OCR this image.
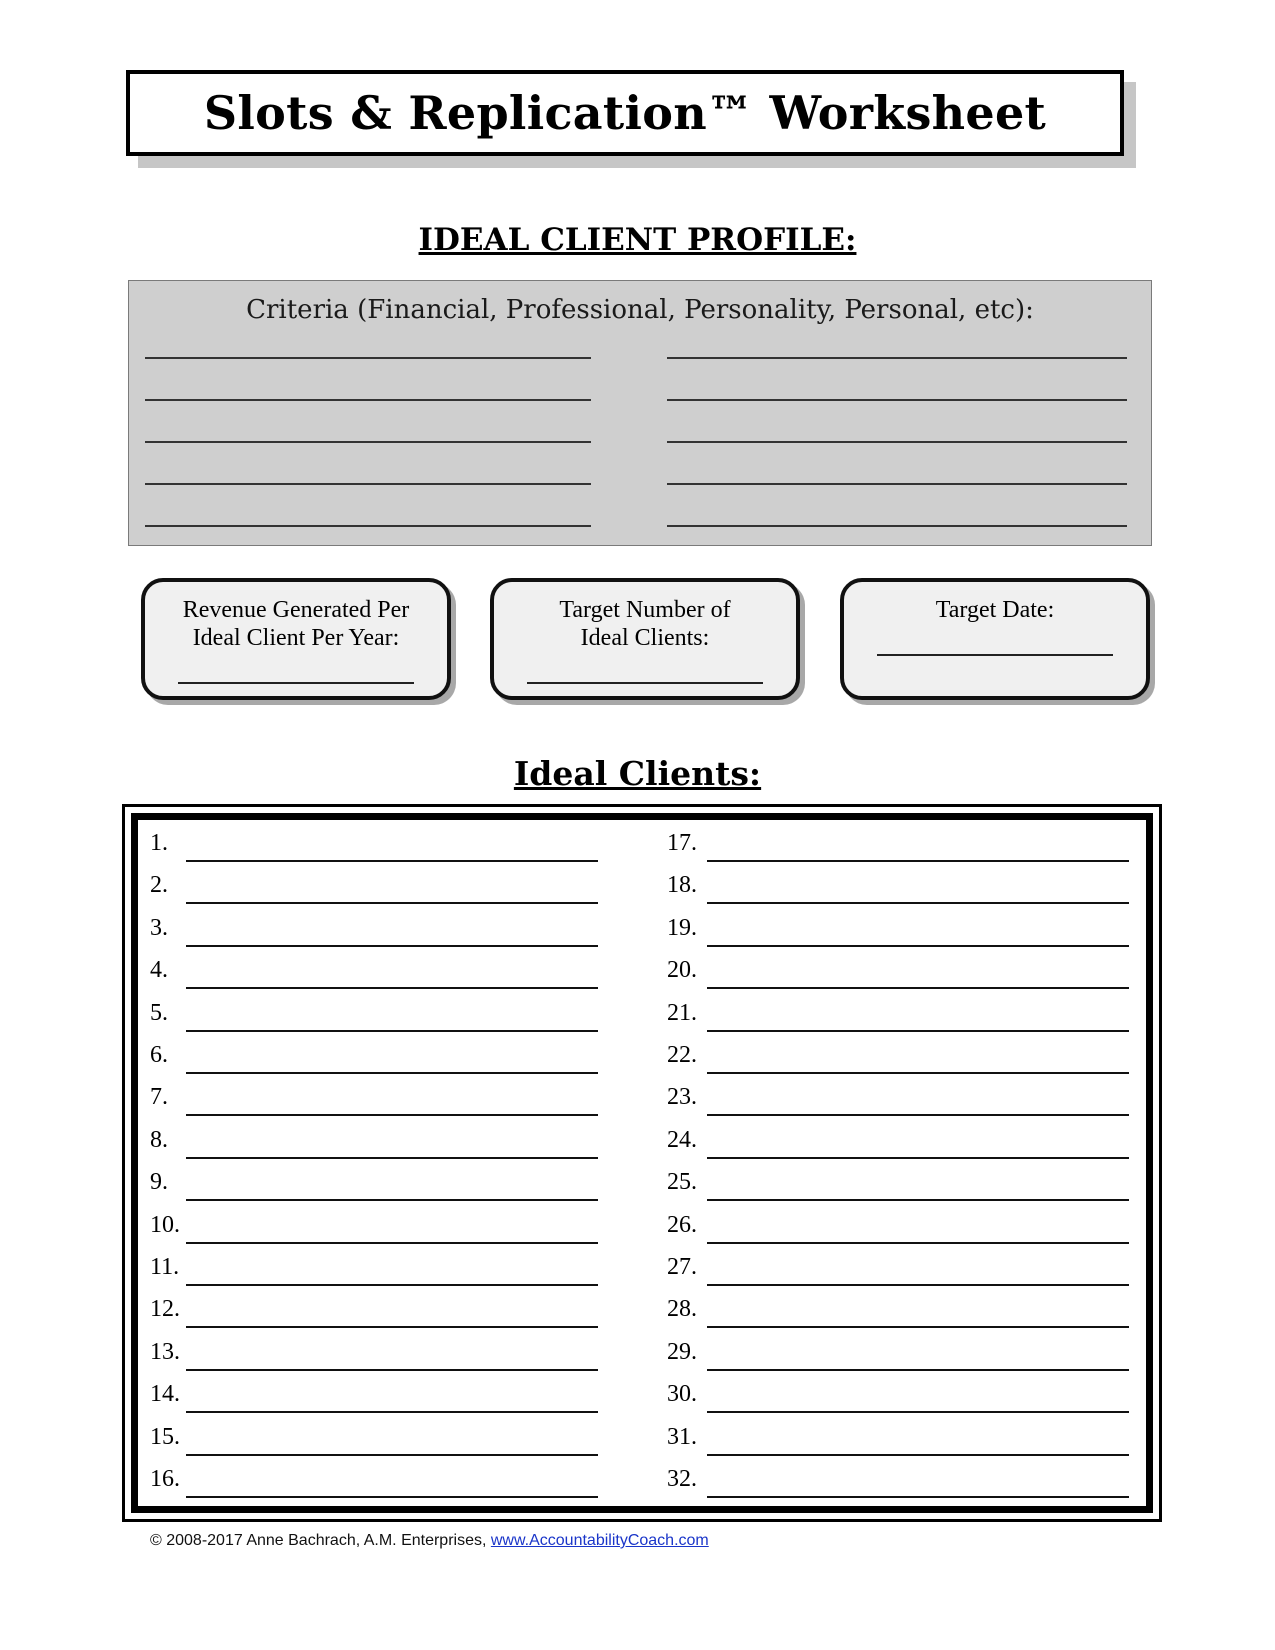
Slots & Replication™ Worksheet
IDEAL CLIENT PROFILE:
Criteria (Financial, Professional, Personality, Personal, etc):
Revenue Generated Per
Ideal Client Per Year:
Target Number of
Ideal Clients:
Target Date:
Ideal Clients:
1.
2.
3.
4.
5.
6.
7.
8.
9.
10.
11.
12.
13.
14.
15.
16.
17.
18.
19.
20.
21.
22.
23.
24.
25.
26.
27.
28.
29.
30.
31.
32.
© 2008-2017 Anne Bachrach, A.M. Enterprises, www.AccountabilityCoach.com
